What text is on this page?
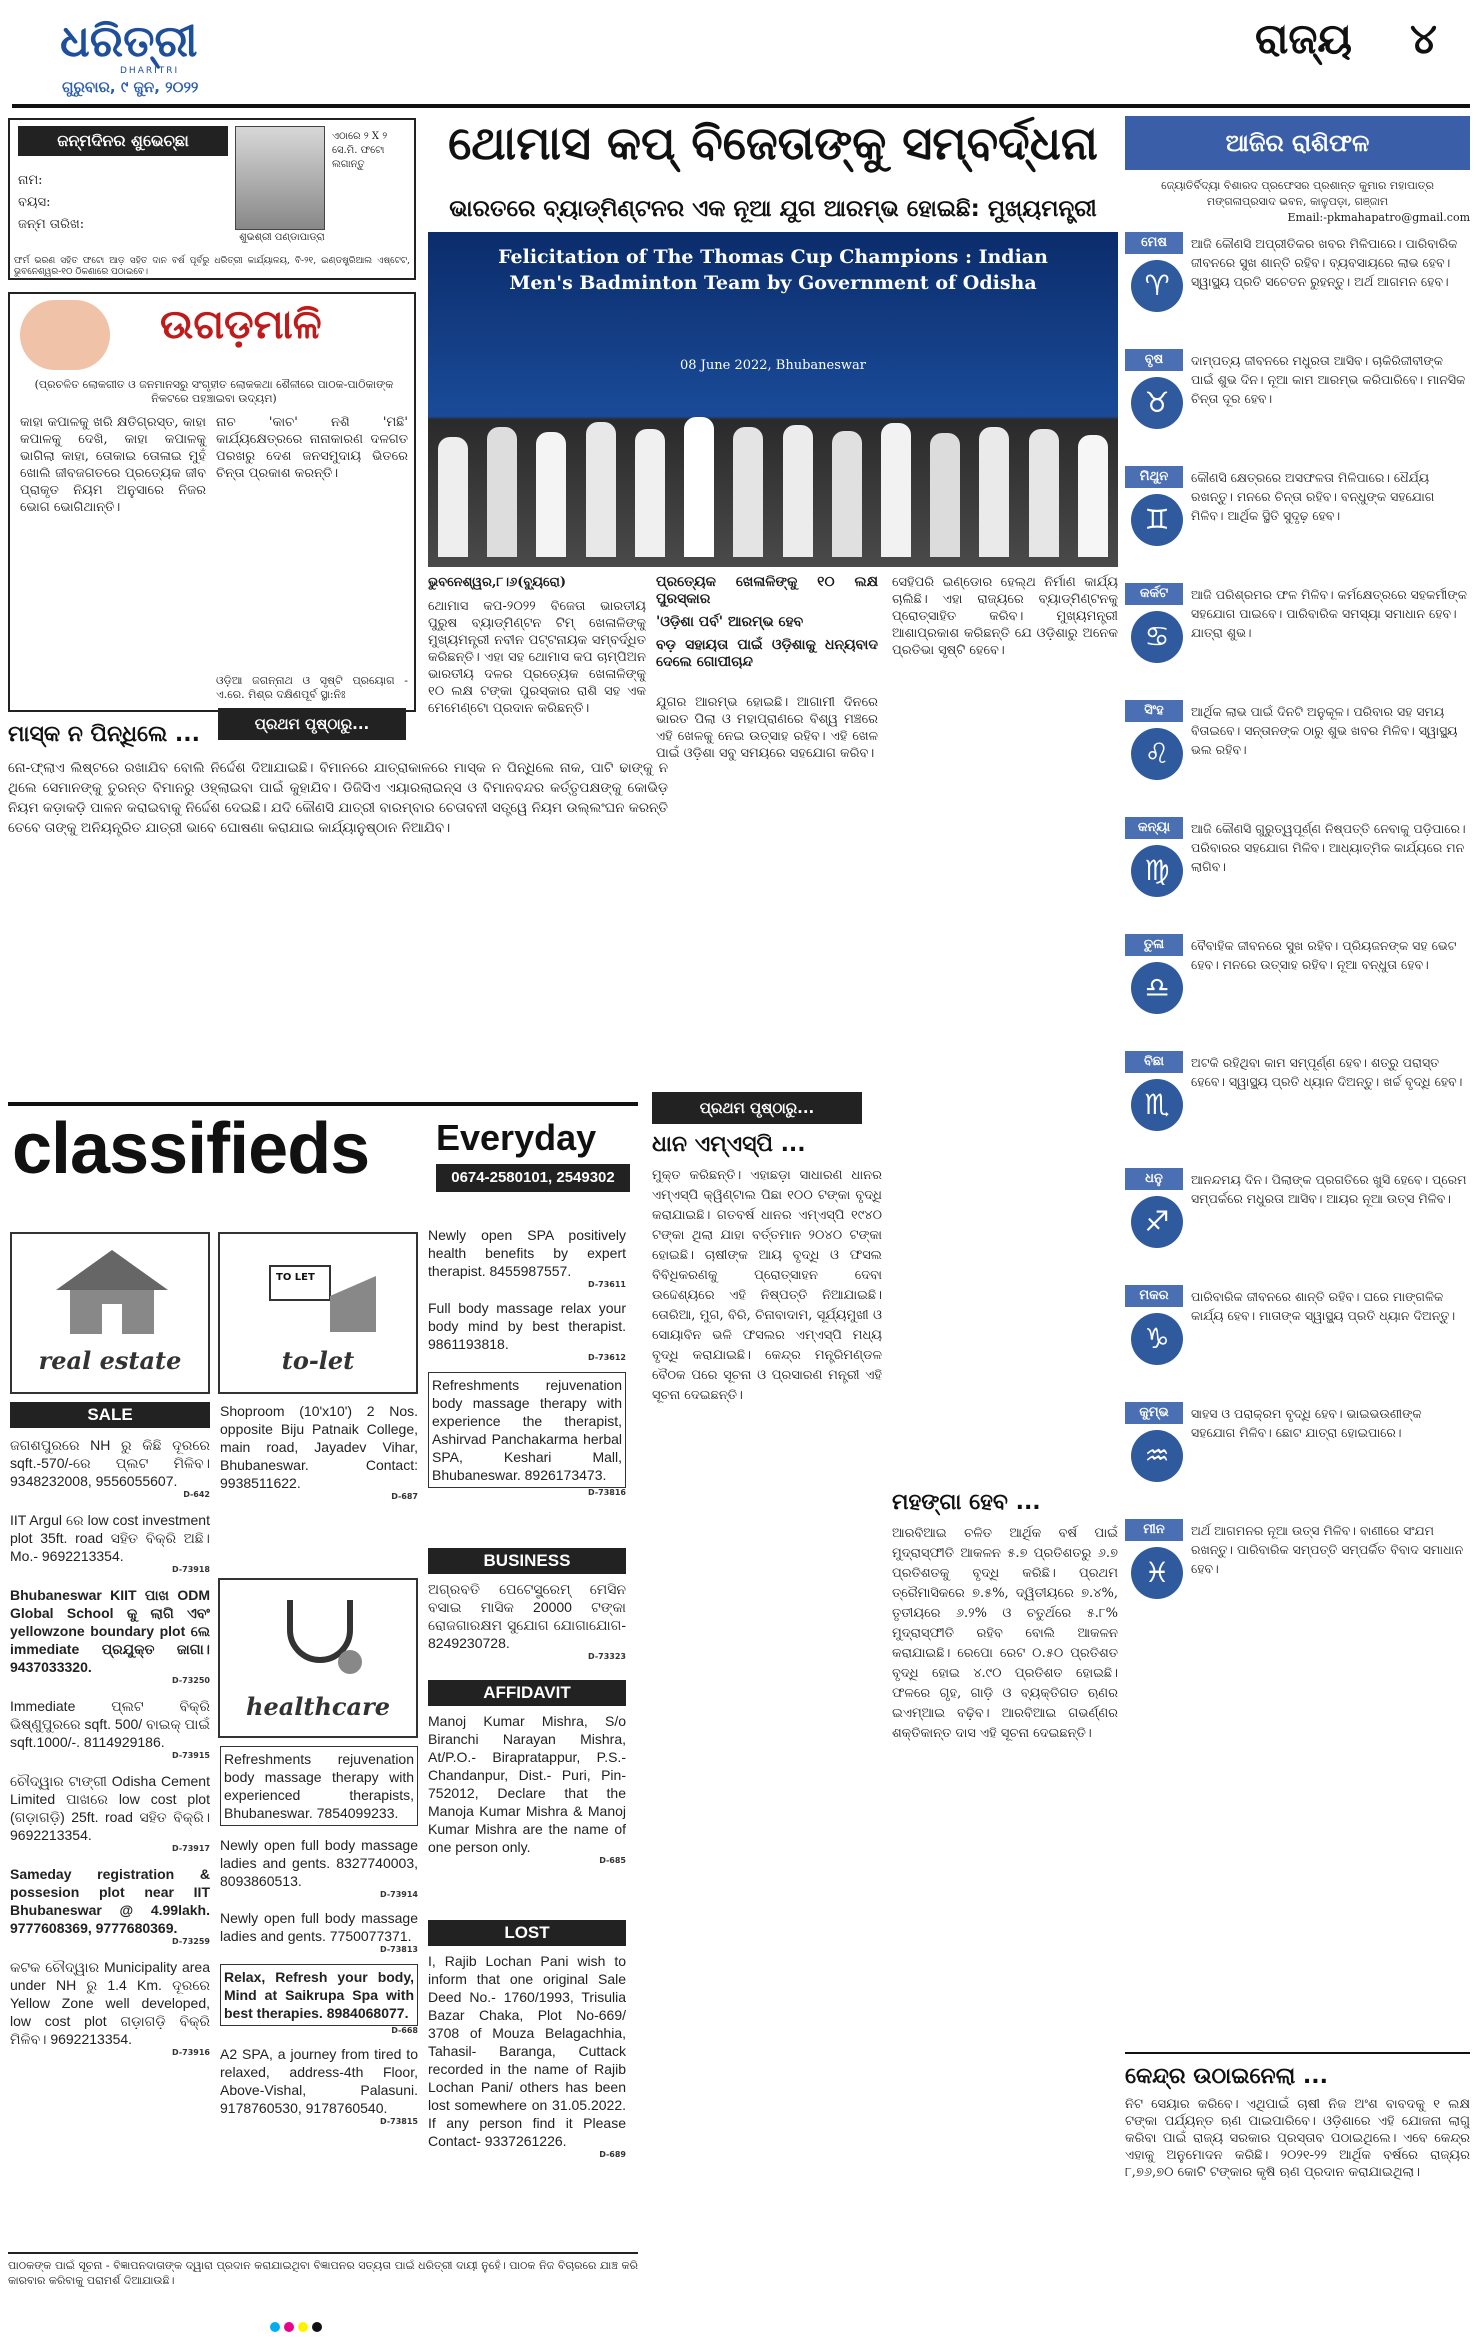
ଧରିତ୍ରୀ
DHARITRI
ଗୁରୁବାର, ୯ ଜୁନ, ୨୦୨୨
ରାଜ୍ୟ ୪
ଜନ୍ମଦିନର ଶୁଭେଚ୍ଛା
ନାମ:
ବୟସ:
ଜନ୍ମ ତାରିଖ:
ଏଠାରେ ୨ X ୨ ସେ.ମି. ଫଟୋ ଲଗାନ୍ତୁ
ଶୁଭଶ୍ରୀ ପଣ୍ଡାପାଡ୍ରା
ଫର୍ମ ଭରଣ ସହିତ ଫଟୋ ଆଡ଼ ସହିତ ଦାନ ବର୍ଷ ପୂର୍ବରୁ ଧରିତ୍ରୀ କାର୍ଯ୍ୟାଳୟ, ବି-୨୧, ଇଣ୍ଡଷ୍ଟ୍ରିଆଲ ଏଷ୍ଟେଟ, ଭୁବନେଶ୍ୱର-୧୦ ଠିକଣାରେ ପଠାଇବେ।
ଉଗଡ଼ମାଳି
(ପ୍ରଚଳିତ ଲୋକଗୀତ ଓ ଜନମାନସରୁ ସଂଗୃହୀତ ଲୋକକଥା ଶୈଳୀରେ ପାଠକ-ପାଠିକାଙ୍କ ନିକଟରେ ପହଞ୍ଚାଇବା ଉଦ୍ୟମ)
କାହା କପାଳକୁ ଖରି କ୍ଷତିଗ୍ରସ୍ତ, କାହା କପାଳକୁ ଦେଖି, କାହା କପାଳକୁ ଭାଗିଲା କାହା, ତୋକାଇ ତୋଳାଇ ମୁହଁ ଖୋଲି ଜୀବଜଗତରେ ପ୍ରତ୍ୟେକ ଜୀବ ପ୍ରାକୃତ ନିୟମ ଅନୁସାରେ ନିଜର ଭୋଗ ଭୋଗିଥାନ୍ତି।
ନାଚ 'କାଚ' ନଶି 'ମଛି' କାର୍ଯ୍ୟକ୍ଷେତ୍ରରେ ନାନାକାରଣ ଦଳଗତ ପରଖରୁ ଦେଶ ଜନସମୁଦାୟ ଭିତରେ ଚିନ୍ତା ପ୍ରକାଶ କରନ୍ତି।
ଓଡ଼ିଆ ଜଗନ୍ନାଥ ଓ ସୃଷ୍ଟି ପ୍ରୟୋଗ - ଏ.ରେ. ମିଶ୍ର ଦକ୍ଷିଣପୂର୍ବ ସ୍ଥା:ନିଃ
ମାସ୍କ ନ ପିନ୍ଧିଲେ ...
ନୋ-ଫ୍ଲାଏ ଲିଷ୍ଟରେ ରଖାଯିବ ବୋଲି ନିର୍ଦ୍ଦେଶ ଦିଆଯାଇଛି। ବିମାନରେ ଯାତ୍ରାକାଳରେ ମାସ୍କ ନ ପିନ୍ଧିଲେ ନାକ, ପାଟି ଢାଙ୍କୁ ନ ଥିଲେ ସେମାନଙ୍କୁ ତୁରନ୍ତ ବିମାନରୁ ଓହ୍ଲାଇବା ପାଇଁ କୁହାଯିବ। ଡିଜିସିଏ ଏୟାରଲାଇନ୍ସ ଓ ବିମାନବନ୍ଦର କର୍ତ୍ତୃପକ୍ଷଙ୍କୁ କୋଭିଡ଼ ନିୟମ କଡ଼ାକଡ଼ି ପାଳନ କରାଇବାକୁ ନିର୍ଦ୍ଦେଶ ଦେଇଛି। ଯଦି କୌଣସି ଯାତ୍ରୀ ବାରମ୍ବାର ଚେତାବନୀ ସତ୍ତ୍ୱେ ନିୟମ ଉଲ୍ଲଂଘନ କରନ୍ତି ତେବେ ତାଙ୍କୁ ଅନିୟନ୍ତ୍ରିତ ଯାତ୍ରୀ ଭାବେ ଘୋଷଣା କରାଯାଇ କାର୍ଯ୍ୟାନୁଷ୍ଠାନ ନିଆଯିବ।
ପ୍ରଥମ ପୃଷ୍ଠାରୁ...
ଥୋମାସ କପ୍ ବିଜେତାଙ୍କୁ ସମ୍ବର୍ଦ୍ଧନା
ଭାରତରେ ବ୍ୟାଡ୍ମିଣ୍ଟନର ଏକ ନୂଆ ଯୁଗ ଆରମ୍ଭ ହୋଇଛି: ମୁଖ୍ୟମନ୍ତ୍ରୀ
Felicitation of The Thomas Cup Champions : Indian Men's Badminton Team by Government of Odisha
08 June 2022, Bhubaneswar
ଭୁବନେଶ୍ୱର,୮।୬(ବ୍ୟୁରୋ)
ଥୋମାସ କପ-୨୦୨୨ ବିଜେତା ଭାରତୀୟ ପୁରୁଷ ବ୍ୟାଡ୍ମିଣ୍ଟନ ଟିମ୍ ଖେଳାଳିଙ୍କୁ ମୁଖ୍ୟମନ୍ତ୍ରୀ ନବୀନ ପଟ୍ଟନାୟକ ସମ୍ବର୍ଦ୍ଧିତ କରିଛନ୍ତି। ଏହା ସହ ଥୋମାସ କପ ଚାମ୍ପିଅନ ଭାରତୀୟ ଦଳର ପ୍ରତ୍ୟେକ ଖେଳାଳିଙ୍କୁ ୧୦ ଲକ୍ଷ ଟଙ୍କା ପୁରସ୍କାର ରାଶି ସହ ଏକ ମେମେଣ୍ଟୋ ପ୍ରଦାନ କରିଛନ୍ତି।
ପ୍ରତ୍ୟେକ ଖେଳାଳିଙ୍କୁ ୧୦ ଲକ୍ଷ ପୁରସ୍କାର
'ଓଡ଼ିଶା ପର୍ବ' ଆରମ୍ଭ ହେବ
ବଡ଼ ସହାୟତା ପାଇଁ ଓଡ଼ିଶାକୁ ଧନ୍ୟବାଦ ଦେଲେ ଗୋପୀଚାନ୍ଦ
ଯୁଗର ଆରମ୍ଭ ହୋଇଛି। ଆଗାମୀ ଦିନରେ ଭାରତ ପିଲା ଓ ମହାପ୍ରାଣରେ ବିଶ୍ୱ ମଞ୍ଚରେ ଏହି ଖେଳକୁ ନେଇ ଉତ୍ସାହ ରହିବ। ଏହି ଖେଳ ପାଇଁ ଓଡ଼ିଶା ସବୁ ସମୟରେ ସହଯୋଗ କରିବ।
ସେହିପରି ଇଣ୍ଡୋର ହେଲ୍ଥ ନିର୍ମାଣ କାର୍ଯ୍ୟ ଚାଲିଛି। ଏହା ରାଜ୍ୟରେ ବ୍ୟାଡ୍ମିଣ୍ଟନକୁ ପ୍ରୋତ୍ସାହିତ କରିବ। ମୁଖ୍ୟମନ୍ତ୍ରୀ ଆଶାପ୍ରକାଶ କରିଛନ୍ତି ଯେ ଓଡ଼ିଶାରୁ ଅନେକ ପ୍ରତିଭା ସୃଷ୍ଟି ହେବେ।
ଆଜିର ରାଶିଫଳ
ଜ୍ୟୋତିର୍ବିଦ୍ୟା ବିଶାରଦ ପ୍ରଫେସର ପ୍ରଶାନ୍ତ କୁମାର ମହାପାତ୍ର
ମଙ୍ଗଳାପ୍ରସାଦ ଭବନ, କାଳୁପଡ଼ା, ଗଞ୍ଜାମ
Email:-pkmahapatro@gmail.com
ମେଷ
♈
ଆଜି କୌଣସି ଅପ୍ରୀତିକର ଖବର ମିଳିପାରେ। ପାରିବାରିକ ଜୀବନରେ ସୁଖ ଶାନ୍ତି ରହିବ। ବ୍ୟବସାୟରେ ଲାଭ ହେବ। ସ୍ୱାସ୍ଥ୍ୟ ପ୍ରତି ସଚେତନ ରୁହନ୍ତୁ। ଅର୍ଥ ଆଗମନ ହେବ।
ବୃଷ
♉
ଦାମ୍ପତ୍ୟ ଜୀବନରେ ମଧୁରତା ଆସିବ। ଚାକିରିଜୀବୀଙ୍କ ପାଇଁ ଶୁଭ ଦିନ। ନୂଆ କାମ ଆରମ୍ଭ କରିପାରିବେ। ମାନସିକ ଚିନ୍ତା ଦୂର ହେବ।
ମିଥୁନ
♊
କୌଣସି କ୍ଷେତ୍ରରେ ଅସଫଳତା ମିଳିପାରେ। ଧୈର୍ଯ୍ୟ ରଖନ୍ତୁ। ମନରେ ଚିନ୍ତା ରହିବ। ବନ୍ଧୁଙ୍କ ସହଯୋଗ ମିଳିବ। ଆର୍ଥିକ ସ୍ଥିତି ସୁଦୃଢ଼ ହେବ।
କର୍କଟ
♋
ଆଜି ପରିଶ୍ରମର ଫଳ ମିଳିବ। କର୍ମକ୍ଷେତ୍ରରେ ସହକର୍ମୀଙ୍କ ସହଯୋଗ ପାଇବେ। ପାରିବାରିକ ସମସ୍ୟା ସମାଧାନ ହେବ। ଯାତ୍ରା ଶୁଭ।
ସିଂହ
♌
ଆର୍ଥିକ ଲାଭ ପାଇଁ ଦିନଟି ଅନୁକୂଳ। ପରିବାର ସହ ସମୟ ବିତାଇବେ। ସନ୍ତାନଙ୍କ ଠାରୁ ଶୁଭ ଖବର ମିଳିବ। ସ୍ୱାସ୍ଥ୍ୟ ଭଲ ରହିବ।
କନ୍ୟା
♍
ଆଜି କୌଣସି ଗୁରୁତ୍ୱପୂର୍ଣ୍ଣ ନିଷ୍ପତ୍ତି ନେବାକୁ ପଡ଼ିପାରେ। ପରିବାରର ସହଯୋଗ ମିଳିବ। ଆଧ୍ୟାତ୍ମିକ କାର୍ଯ୍ୟରେ ମନ ଲାଗିବ।
ତୁଳା
♎
ବୈବାହିକ ଜୀବନରେ ସୁଖ ରହିବ। ପ୍ରିୟଜନଙ୍କ ସହ ଭେଟ ହେବ। ମନରେ ଉତ୍ସାହ ରହିବ। ନୂଆ ବନ୍ଧୁତା ହେବ।
ବିଛା
♏
ଅଟକି ରହିଥିବା କାମ ସମ୍ପୂର୍ଣ୍ଣ ହେବ। ଶତ୍ରୁ ପରାସ୍ତ ହେବେ। ସ୍ୱାସ୍ଥ୍ୟ ପ୍ରତି ଧ୍ୟାନ ଦିଅନ୍ତୁ। ଖର୍ଚ୍ଚ ବୃଦ୍ଧି ହେବ।
ଧନୁ
♐
ଆନନ୍ଦମୟ ଦିନ। ପିଲାଙ୍କ ପ୍ରଗତିରେ ଖୁସି ହେବେ। ପ୍ରେମ ସମ୍ପର୍କରେ ମଧୁରତା ଆସିବ। ଆୟର ନୂଆ ଉତ୍ସ ମିଳିବ।
ମକର
♑
ପାରିବାରିକ ଜୀବନରେ ଶାନ୍ତି ରହିବ। ଘରେ ମାଙ୍ଗଳିକ କାର୍ଯ୍ୟ ହେବ। ମାତାଙ୍କ ସ୍ୱାସ୍ଥ୍ୟ ପ୍ରତି ଧ୍ୟାନ ଦିଅନ୍ତୁ।
କୁମ୍ଭ
♒
ସାହସ ଓ ପରାକ୍ରମ ବୃଦ୍ଧି ହେବ। ଭାଇଭଉଣୀଙ୍କ ସହଯୋଗ ମିଳିବ। ଛୋଟ ଯାତ୍ରା ହୋଇପାରେ।
ମୀନ
♓
ଅର୍ଥ ଆଗମନର ନୂଆ ଉତ୍ସ ମିଳିବ। ବାଣୀରେ ସଂଯମ ରଖନ୍ତୁ। ପାରିବାରିକ ସମ୍ପତ୍ତି ସମ୍ପର୍କିତ ବିବାଦ ସମାଧାନ ହେବ।
କେନ୍ଦ୍ର ଉଠାଇନେଲା ...
ନିଟ ସେୟାର କରିବେ। ଏଥିପାଇଁ ଚାଷୀ ନିଜ ଅଂଶ ବାବଦକୁ ୧ ଲକ୍ଷ ଟଙ୍କା ପର୍ଯ୍ୟନ୍ତ ଋଣ ପାଇପାରିବେ। ଓଡ଼ିଶାରେ ଏହି ଯୋଜନା ଲାଗୁ କରିବା ପାଇଁ ରାଜ୍ୟ ସରକାର ପ୍ରସ୍ତାବ ପଠାଇଥିଲେ। ଏବେ କେନ୍ଦ୍ର ଏହାକୁ ଅନୁମୋଦନ କରିଛି। ୨୦୨୧-୨୨ ଆର୍ଥିକ ବର୍ଷରେ ରାଜ୍ୟର ୮,୭୬,୭୦ କୋଟି ଟଙ୍କାର କୃଷି ଋଣ ପ୍ରଦାନ କରାଯାଇଥିଲା।
ପ୍ରଥମ ପୃଷ୍ଠାରୁ...
ଧାନ ଏମ୍ଏସ୍‌ପି ...
ମୁକ୍ତ କରିଛନ୍ତି। ଏହାଛଡ଼ା ସାଧାରଣ ଧାନର ଏମ୍ଏସ୍‌ପି କ୍ୱିଣ୍ଟାଲ ପିଛା ୧୦୦ ଟଙ୍କା ବୃଦ୍ଧି କରାଯାଇଛି। ଗତବର୍ଷ ଧାନର ଏମ୍ଏସ୍‌ପି ୧୯୪୦ ଟଙ୍କା ଥିଲା ଯାହା ବର୍ତ୍ତମାନ ୨୦୪୦ ଟଙ୍କା ହୋଇଛି। ଚାଷୀଙ୍କ ଆୟ ବୃଦ୍ଧି ଓ ଫସଲ ବିବିଧିକରଣକୁ ପ୍ରୋତ୍ସାହନ ଦେବା ଉଦ୍ଦେଶ୍ୟରେ ଏହି ନିଷ୍ପତ୍ତି ନିଆଯାଇଛି। ତୋରିଆ, ମୁଗ, ବିରି, ଚିନାବାଦାମ, ସୂର୍ଯ୍ୟମୁଖୀ ଓ ସୋୟାବିନ ଭଳି ଫସଲର ଏମ୍ଏସ୍‌ପି ମଧ୍ୟ ବୃଦ୍ଧି କରାଯାଇଛି। କେନ୍ଦ୍ର ମନ୍ତ୍ରିମଣ୍ଡଳ ବୈଠକ ପରେ ସୂଚନା ଓ ପ୍ରସାରଣ ମନ୍ତ୍ରୀ ଏହି ସୂଚନା ଦେଇଛନ୍ତି।
ମହଙ୍ଗା ହେବ ...
ଆରବିଆଇ ଚଳିତ ଆର୍ଥିକ ବର୍ଷ ପାଇଁ ମୁଦ୍ରାସ୍ଫୀତି ଆକଳନ ୫.୭ ପ୍ରତିଶତରୁ ୬.୭ ପ୍ରତିଶତକୁ ବୃଦ୍ଧି କରିଛି। ପ୍ରଥମ ତ୍ରୈମାସିକରେ ୭.୫%, ଦ୍ୱିତୀୟରେ ୭.୪%, ତୃତୀୟରେ ୬.୨% ଓ ଚତୁର୍ଥରେ ୫.୮% ମୁଦ୍ରାସ୍ଫୀତି ରହିବ ବୋଲି ଆକଳନ କରାଯାଇଛି। ରେପୋ ରେଟ ୦.୫୦ ପ୍ରତିଶତ ବୃଦ୍ଧି ହୋଇ ୪.୯୦ ପ୍ରତିଶତ ହୋଇଛି। ଫଳରେ ଗୃହ, ଗାଡ଼ି ଓ ବ୍ୟକ୍ତିଗତ ଋଣର ଇଏମ୍ଆଇ ବଢ଼ିବ। ଆରବିଆଇ ଗଭର୍ଣ୍ଣର ଶକ୍ତିକାନ୍ତ ଦାସ ଏହି ସୂଚନା ଦେଇଛନ୍ତି।
classifieds Everyday
0674-2580101, 2549302
real estate
TO LET
to-let
healthcare
SALE
ଜଗଶପୁରରେ NH ରୁ କିଛି ଦୂରରେ sqft.-570/-ରେ ପ୍ଲଟ ମିଳିବ। 9348232008, 9556055607.
D-642
IIT Argul ରେ low cost investment plot 35ft. road ସହିତ ବିକ୍ରି ଅଛି। Mo.- 9692213354.
D-73918
Bhubaneswar KIIT ପାଖ ODM Global School କୁ ଲାଗି ଏବଂ yellowzone boundary plot ଲେ immediate ପ୍ରଯୁକ୍ତ ଜାଗା। 9437033320.
D-73250
Immediate ପ୍ଲଟ ବିକ୍ରି ଭିଷ୍ଣୁପୁରରେ sqft. 500/ ବାଇକ୍ ପାଇଁ sqft.1000/-. 8114929186.
D-73915
ଚୌଦ୍ୱାର ଟାଙ୍ଗୀ Odisha Cement Limited ପାଖରେ low cost plot (ଗଡ଼ାଗଡ଼ି) 25ft. road ସହିତ ବିକ୍ରି। 9692213354.
D-73917
Sameday registration & possesion plot near IIT Bhubaneswar @ 4.99lakh. 9777608369, 9777680369.
D-73259
କଟକ ଚୌଦ୍ୱାର Municipality area under NH ରୁ 1.4 Km. ଦୂରରେ Yellow Zone well developed, low cost plot ଗଡ଼ାଗଡ଼ି ବିକ୍ରି ମିଳିବ। 9692213354.
D-73916
Shoproom (10'x10') 2 Nos. opposite Biju Patnaik College, main road, Jayadev Vihar, Bhubaneswar. Contact: 9938511622.
D-687
Refreshments rejuvenation body massage therapy with experienced therapists, Bhubaneswar. 7854099233.
Newly open full body massage ladies and gents. 8327740003, 8093860513.
D-73914
Newly open full body massage ladies and gents. 7750077371.
D-73813
Relax, Refresh your body, Mind at Saikrupa Spa with best therapies. 8984068077.
D-668
A2 SPA, a journey from tired to relaxed, address-4th Floor, Above-Vishal, Palasuni. 9178760530, 9178760540.
D-73815
Newly open SPA positively health benefits by expert therapist. 8455987557.
D-73611
Full body massage relax your body mind by best therapist. 9861193818.
D-73612
Refreshments rejuvenation body massage therapy with experience the therapist, Ashirvad Panchakarma herbal SPA, Keshari Mall, Bhubaneswar. 8926173473.
D-73816
BUSINESS
ଅଗ୍ରବତି ପେଟେସ୍ଟ୍ରେମ୍ ମେସିନ ବସାଇ ମାସିକ 20000 ଟଙ୍କା ରୋଜଗାରକ୍ଷମ ସୁଯୋଗ ଯୋଗାଯୋଗ- 8249230728.
D-73323
AFFIDAVIT
Manoj Kumar Mishra, S/o Biranchi Narayan Mishra, At/P.O.- Birapratappur, P.S.- Chandanpur, Dist.- Puri, Pin- 752012, Declare that the Manoja Kumar Mishra & Manoj Kumar Mishra are the name of one person only.
D-685
LOST
I, Rajib Lochan Pani wish to inform that one original Sale Deed No.- 1760/1993, Trisulia Bazar Chaka, Plot No-669/ 3708 of Mouza Belagachhia, Tahasil- Baranga, Cuttack recorded in the name of Rajib Lochan Pani/ others has been lost somewhere on 31.05.2022. If any person find it Please Contact- 9337261226.
D-689
ପାଠକଙ୍କ ପାଇଁ ସୂଚନା - ବିଜ୍ଞାପନଦାତାଙ୍କ ଦ୍ୱାରା ପ୍ରଦାନ କରାଯାଇଥିବା ବିଜ୍ଞାପନର ସତ୍ୟତା ପାଇଁ ଧରିତ୍ରୀ ଦାୟୀ ନୁହେଁ। ପାଠକ ନିଜ ବିଚାରରେ ଯାଞ୍ଚ କରି କାରବାର କରିବାକୁ ପରାମର୍ଶ ଦିଆଯାଉଛି।
